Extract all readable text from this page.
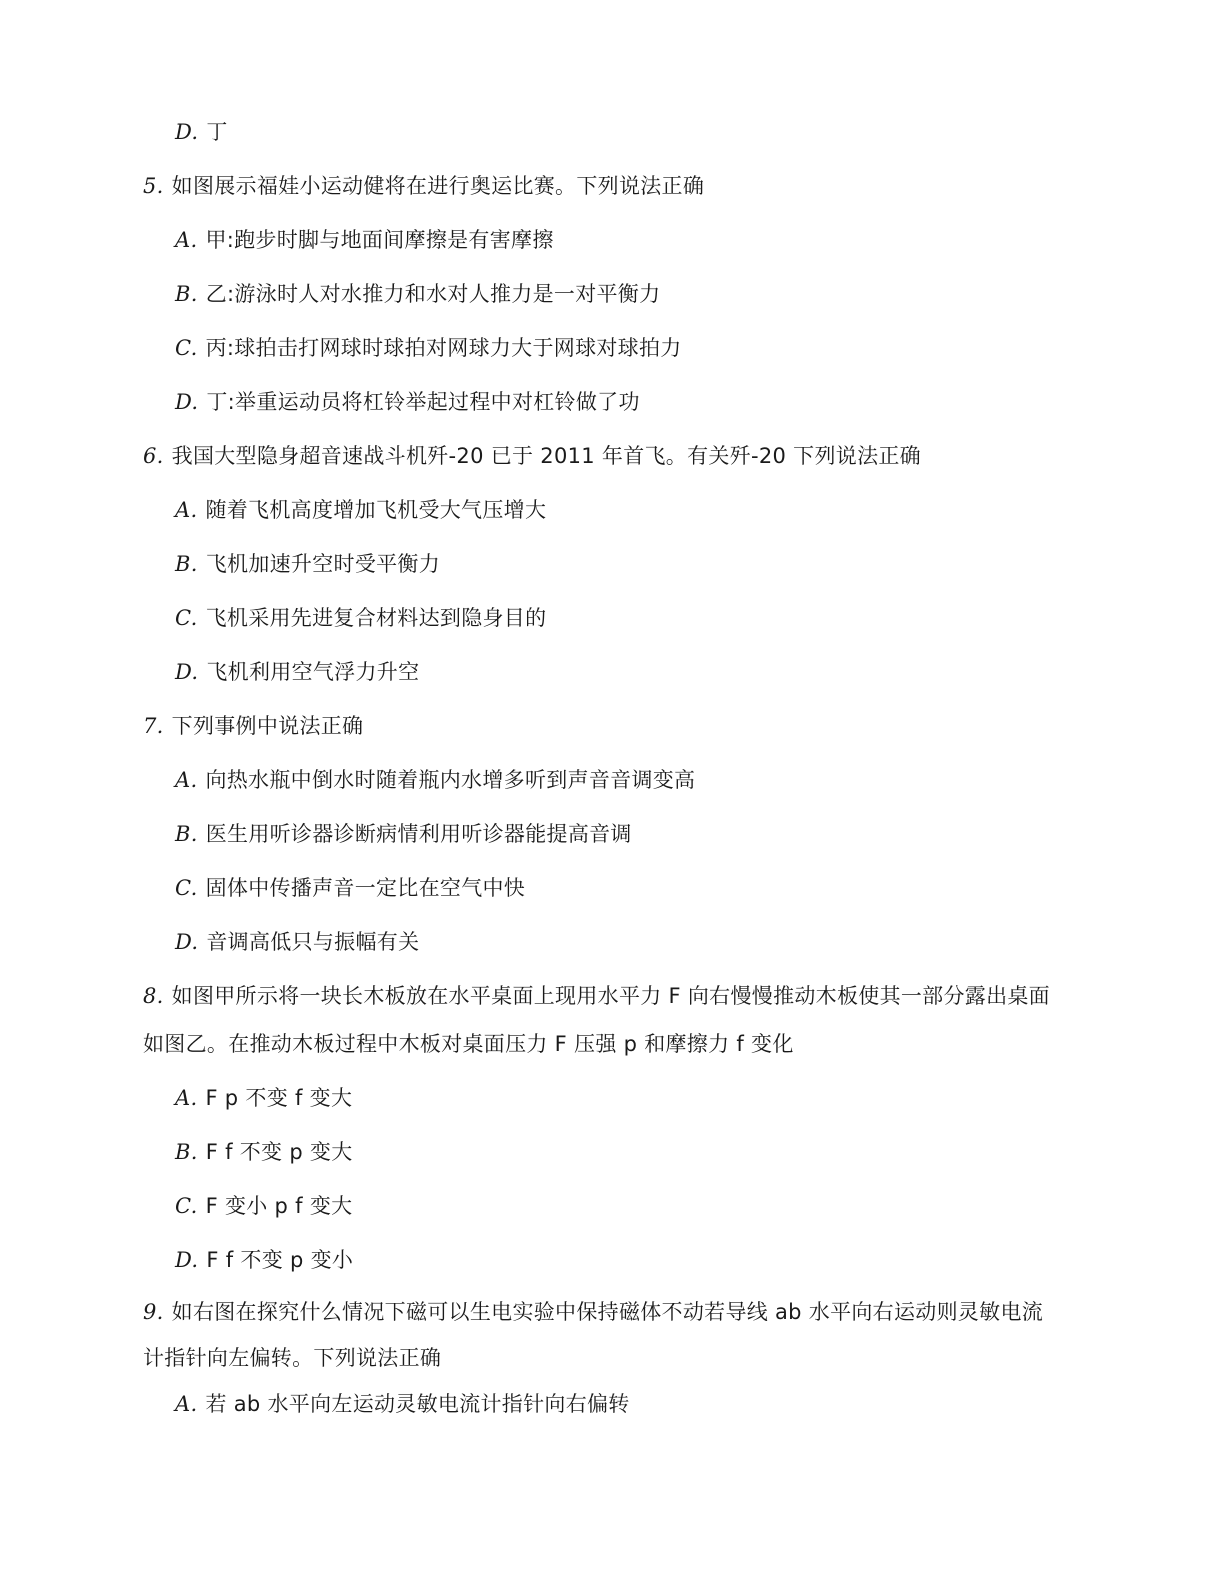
D. 丁
5. 如图展示福娃小运动健将在进行奥运比赛。下列说法正确
A. 甲:跑步时脚与地面间摩擦是有害摩擦
B. 乙:游泳时人对水推力和水对人推力是一对平衡力
C. 丙:球拍击打网球时球拍对网球力大于网球对球拍力
D. 丁:举重运动员将杠铃举起过程中对杠铃做了功
6. 我国大型隐身超音速战斗机歼-20 已于 2011 年首飞。有关歼-20 下列说法正确
A. 随着飞机高度增加飞机受大气压增大
B. 飞机加速升空时受平衡力
C. 飞机采用先进复合材料达到隐身目的
D. 飞机利用空气浮力升空
7. 下列事例中说法正确
A. 向热水瓶中倒水时随着瓶内水增多听到声音音调变高
B. 医生用听诊器诊断病情利用听诊器能提高音调
C. 固体中传播声音一定比在空气中快
D. 音调高低只与振幅有关
8. 如图甲所示将一块长木板放在水平桌面上现用水平力 F 向右慢慢推动木板使其一部分露出桌面
如图乙。在推动木板过程中木板对桌面压力 F 压强 p 和摩擦力 f 变化
A. F p 不变 f 变大
B. F f 不变 p 变大
C. F 变小 p f 变大
D. F f 不变 p 变小
9. 如右图在探究什么情况下磁可以生电实验中保持磁体不动若导线 ab 水平向右运动则灵敏电流
计指针向左偏转。下列说法正确
A. 若 ab 水平向左运动灵敏电流计指针向右偏转
